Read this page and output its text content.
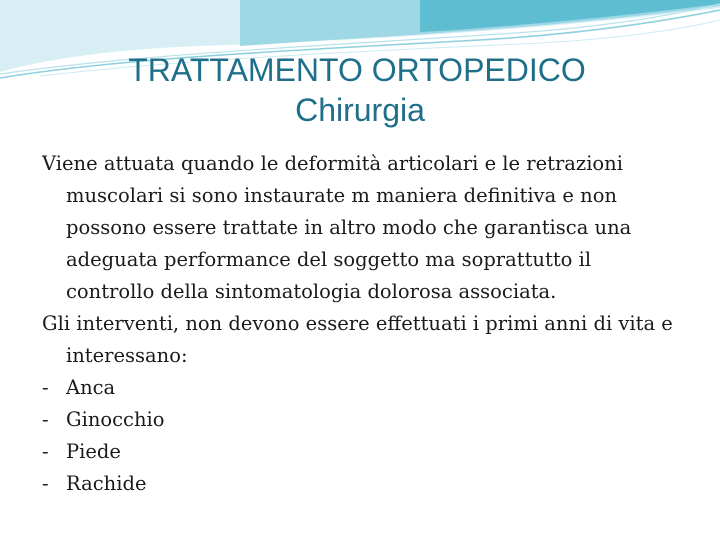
TRATTAMENTO ORTOPEDICO
Chirurgia

Viene attuata quando le deformità articolari e le retrazioni muscolari si sono instaurate m maniera definitiva e non possono essere trattate in altro modo che garantisca una adeguata performance del soggetto ma soprattutto il controllo della sintomatologia dolorosa associata.

Gli interventi, non devono essere effettuati i primi anni di vita e interessano:

- Anca
- Ginocchio
- Piede
- Rachide
